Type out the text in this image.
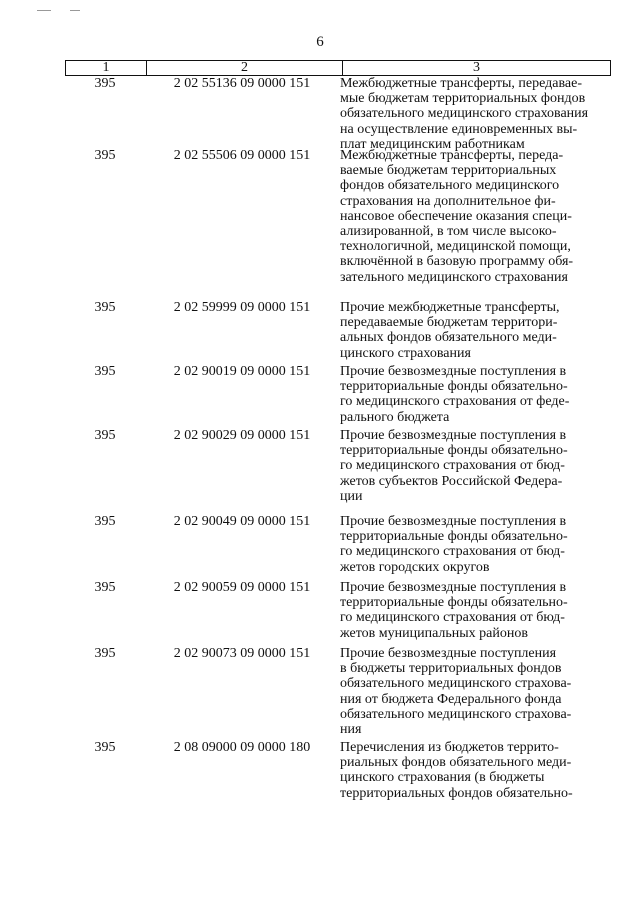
6
1	2	3
395	2 02 55136 09 0000 151	Межбюджетные трансферты, передавае-
мые бюджетам территориальных фондов
обязательного медицинского страхования
на осуществление единовременных вы-
плат медицинским работникам
395	2 02 55506 09 0000 151	Межбюджетные трансферты, переда-
ваемые бюджетам территориальных
фондов обязательного медицинского
страхования на дополнительное фи-
нансовое обеспечение оказания специ-
ализированной, в том числе высоко-
технологичной, медицинской помощи,
включённой в базовую программу обя-
зательного медицинского страхования
395	2 02 59999 09 0000 151	Прочие межбюджетные трансферты,
передаваемые бюджетам территори-
альных фондов обязательного меди-
цинского страхования
395	2 02 90019 09 0000 151	Прочие безвозмездные поступления в
территориальные фонды обязательно-
го медицинского страхования от феде-
рального бюджета
395	2 02 90029 09 0000 151	Прочие безвозмездные поступления в
территориальные фонды обязательно-
го медицинского страхования от бюд-
жетов субъектов Российской Федера-
ции
395	2 02 90049 09 0000 151	Прочие безвозмездные поступления в
территориальные фонды обязательно-
го медицинского страхования от бюд-
жетов городских округов
395	2 02 90059 09 0000 151	Прочие безвозмездные поступления в
территориальные фонды обязательно-
го медицинского страхования от бюд-
жетов муниципальных районов
395	2 02 90073 09 0000 151	Прочие безвозмездные поступления
в бюджеты территориальных фондов
обязательного медицинского страхова-
ния от бюджета Федерального фонда
обязательного медицинского страхова-
ния
395	2 08 09000 09 0000 180	Перечисления из бюджетов террито-
риальных фондов обязательного меди-
цинского страхования (в бюджеты
территориальных фондов обязательно-
